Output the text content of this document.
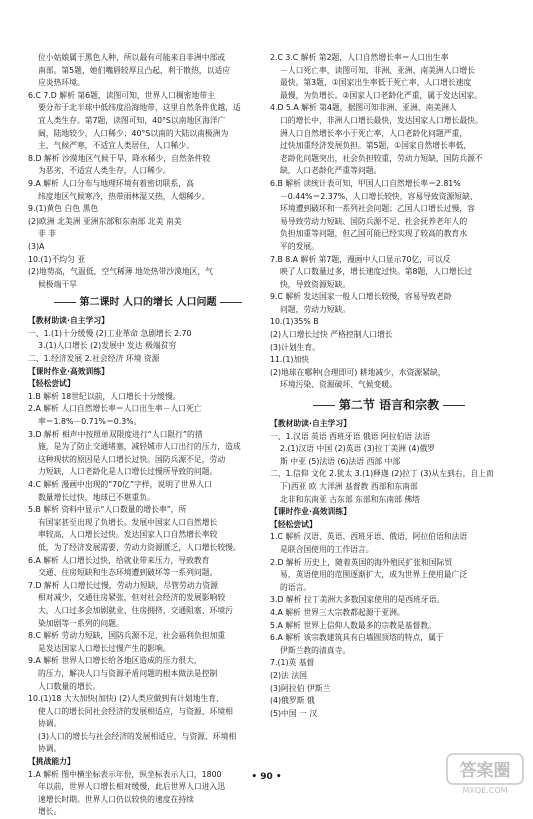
位小姑娘属于黑色人种，所以最有可能来自非洲中部或
南部。第5题，她们嘴唇较厚且凸起，利于散热，以适应
应炎热环境。
6.C 7.D 解析 第6题，读图可知，世界人口稠密地带主
要分布于北半球中低纬度沿海地带，这里自然条件优越，适
宜人类生存。第7题，读图可知，40°S以南地区海洋广
阔，陆地较少，人口稀少；40°S以南的大陆以南极洲为
主，气候严寒，不适宜人类居住，人口稀少。
8.D 解析 沙漠地区气候干旱，降水稀少，自然条件较
为恶劣，不适宜人类生存，人口稀少。
9.A 解析 人口分布与地理环境有着密切联系，高
纬度地区气候寒冷，热带雨林湿又热，人烟稀少。
9.(1)黄色 白色 黑色
(2)欧洲 北美洲 亚洲东部和东南部 北美 南美
非 非
(3)A
10.(1)不均匀 亚
(2)地势高，气温低，空气稀薄 地处热带沙漠地区，气
候极端干旱
第二课时 人口的增长 人口问题
【教材助读·自主学习】
一、1.(1)十分缓慢 (2)工业革命 急剧增长 2.70
3.(1)人口增长 (2)发展中 发达 极端贫穷
二、1.经济发展 2.社会经济 环境 资源
【课时作业·高效训练】
【轻松尝试】
1.B 解析 18世纪以前，人口增长十分缓慢。
2.A 解析 人口自然增长率＝人口出生率－人口死亡
率＝1.8%－0.71%＝0.3%。
3.D 解析 相声中按照单双限度进行“人口限行”的措
施，是为了防止交通堵塞，减轻城市人口出行的压力，造成
这种现状的原因是人口增长过快。国防兵源不足，劳动
力短缺，人口老龄化是人口增长过慢所导致的问题。
4.C 解析 漫画中出现的“70亿”字样，说明了世界人口
数量增长过快，地球已不堪重负。
5.B 解析 资料中显示“人口数量的增长率”，所
有国家甚至出现了负增长。发展中国家人口自然增长
率较高，人口增长过快。发达国家人口自然增长率较
低，为了经济发展需要，劳动力资源匮乏，人口增长较慢。
6.A 解析 人口增长过快，给就业带来压力，导致教育
交通、住房短缺和生态环境遭到破坏等一系列问题。
7.D 解析 人口增长过慢，劳动力短缺，尽管劳动力资源
相对减少，交通住房紧张，但对社会经济的发展影响较
大，人口过多会加剧就业、住房拥挤、交通阻塞、环境污
染加剧等一系列的问题。
8.C 解析 劳动力短缺，国防兵源不足，社会福利负担加重
是发达国家人口增长过慢产生的影响。
9.A 解析 世界人口增长给各地区造成的压力很大，
的压力，解决人口与资源矛盾问题的根本做法是控制
人口数量的增长。
10.(1)18 大大加快(加快) (2)人类应做到有计划地生育，
使人口的增长同社会经济的发展相适应，与资源、环境相
协调。
(3)人口的增长与社会经济的发展相适应，与资源、环境相
协调。
【挑战能力】
1.A 解析 图中横坐标表示年份，纵坐标表示人口，1800
年以前，世界人口增长相对缓慢，此后世界人口进入迅
速增长时期。世界人口仍以较快的速度在持续
增长。
2.C 3.C 解析 第2题，人口自然增长率＝人口出生率
－人口死亡率，读图可知，非洲、亚洲、南美洲人口增长
最快。第3题，①国家出生率低于死亡率，人口增长速度
最慢，为负增长。②国家人口老龄化严重，属于发达国家。
4.D 5.A 解析 第4题，据图可知非洲、亚洲、南美洲人
口的增长中，非洲人口增长最快，发达国家人口增长最快。
洲人口自然增长率小于死亡率，人口老龄化问题严重，
过快加重经济发展负担。第5题，①国家自然增长率低，
老龄化问题突出，社会负担较重，劳动力短缺，国防兵源不
缺，人口老龄化严重等问题。
6.B 解析 读统计表可知，甲国人口自然增长率＝2.81%
－0.44%＝2.37%，人口增长较快，容易导致资源短缺、
环境遭到破坏和一系列社会问题；乙国人口增长过慢，容
易导致劳动力短缺、国防兵源不足、社会抚养老年人的
负担加重等问题，但乙国可能已经实现了较高的教育水
平的发展。
7.B 8.A 解析 第7题，漫画中人口显示70亿，可以反
映了人口数量过多，增长速度过快。第8题，人口增长过
快，导致资源短缺。
9.C 解析 发达国家一般人口增长较慢，容易导致老龄
问题，劳动力短缺。
10.(1)35% B
(2)人口增长过快 严格控制人口增长
(3)计划生育。
11.(1)加快
(2)地球在哪种(合理即可) 耕地减少，水资源紧缺，
环境污染、资源破坏、气候变暖。
第二节 语言和宗教
【教材助读·自主学习】
一、1.汉语 英语 西班牙语 俄语 阿拉伯语 法语
2.(1)汉语 中国 (2)英语 (3)拉丁美洲 (4)俄罗
斯 中亚 (5)法语 (6)法语 西部 中部
二、1.信仰 文化 2.犹太 3.(1)释迦 (2)拉丁 (3)从左到右，自上而
下)西亚 欧 大洋洲 基督教 西部和东南部
北非和东南亚 古东部 东部和东南部 佛塔
【课时作业·高效训练】
【轻松尝试】
1.C 解析 汉语、英语、西班牙语、俄语、阿拉伯语和法语
是联合国使用的工作语言。
2.D 解析 历史上，随着英国的海外殖民扩张和国际贸
易，英语使用的范围逐渐扩大，成为世界上使用最广泛
的语言。
3.D 解析 拉丁美洲大多数国家使用的是西班牙语。
4.A 解析 世界三大宗教都起源于亚洲。
5.A 解析 世界上信仰人数最多的宗教是基督教。
6.A 解析 该宗教建筑具有白墙圆顶塔的特点，属于
伊斯兰教的清真寺。
7.(1)英 基督
(2)法 法国
(3)阿拉伯 伊斯兰
(4)俄罗斯 俄
(5)中国 一 汉
• 90 •	答案圈
MXQE.COM
